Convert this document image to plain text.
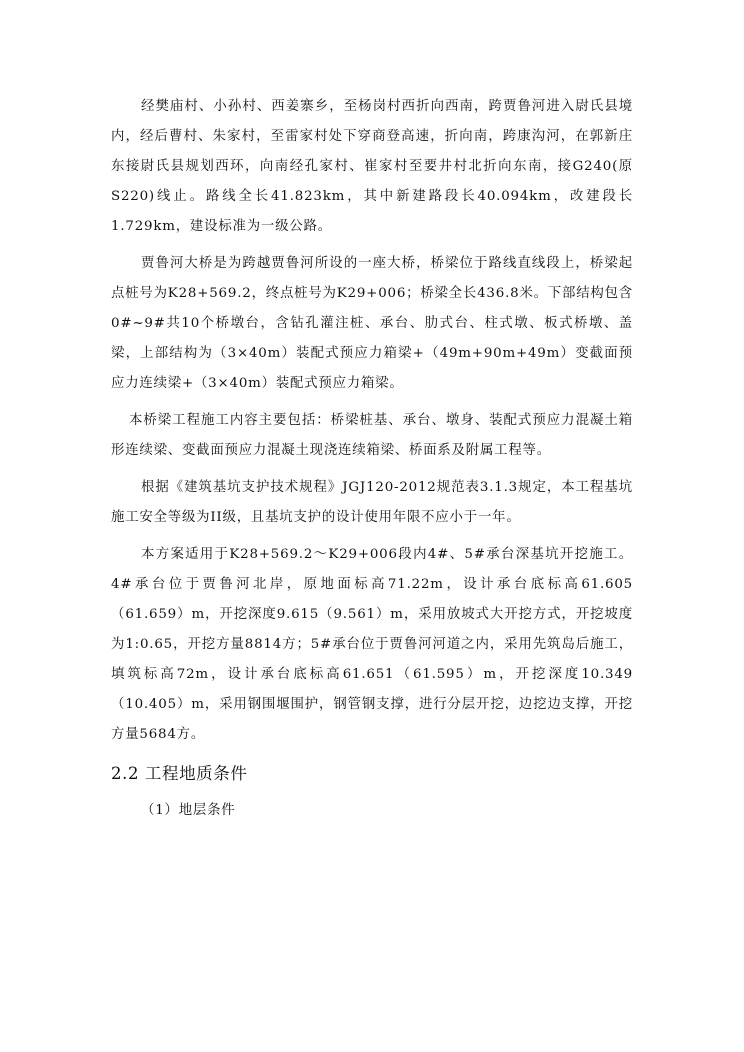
经樊庙村、小孙村、西姜寨乡，至杨岗村西折向西南，跨贾鲁河进入尉氏县境内，经后曹村、朱家村，至雷家村处下穿商登高速，折向南，跨康沟河，在郭新庄东接尉氏县规划西环，向南经孔家村、崔家村至要井村北折向东南，接G240(原S220)线止。路线全长41.823km，其中新建路段长40.094km，改建段长1.729km，建设标准为一级公路。

贾鲁河大桥是为跨越贾鲁河所设的一座大桥，桥梁位于路线直线段上，桥梁起点桩号为K28+569.2，终点桩号为K29+006；桥梁全长436.8米。下部结构包含0#~9#共10个桥墩台，含钻孔灌注桩、承台、肋式台、柱式墩、板式桥墩、盖梁，上部结构为（3×40m）装配式预应力箱梁+（49m+90m+49m）变截面预应力连续梁+（3×40m）装配式预应力箱梁。

本桥梁工程施工内容主要包括：桥梁桩基、承台、墩身、装配式预应力混凝土箱形连续梁、变截面预应力混凝土现浇连续箱梁、桥面系及附属工程等。

根据《建筑基坑支护技术规程》JGJ120-2012规范表3.1.3规定，本工程基坑施工安全等级为II级，且基坑支护的设计使用年限不应小于一年。

本方案适用于K28+569.2～K29+006段内4#、5#承台深基坑开挖施工。4#承台位于贾鲁河北岸，原地面标高71.22m，设计承台底标高61.605（61.659）m，开挖深度9.615（9.561）m，采用放坡式大开挖方式，开挖坡度为1:0.65，开挖方量8814方；5#承台位于贾鲁河河道之内，采用先筑岛后施工，填筑标高72m，设计承台底标高61.651（61.595）m，开挖深度10.349（10.405）m，采用钢围堰围护，钢管钢支撑，进行分层开挖，边挖边支撑，开挖方量5684方。

2.2 工程地质条件

（1）地层条件
